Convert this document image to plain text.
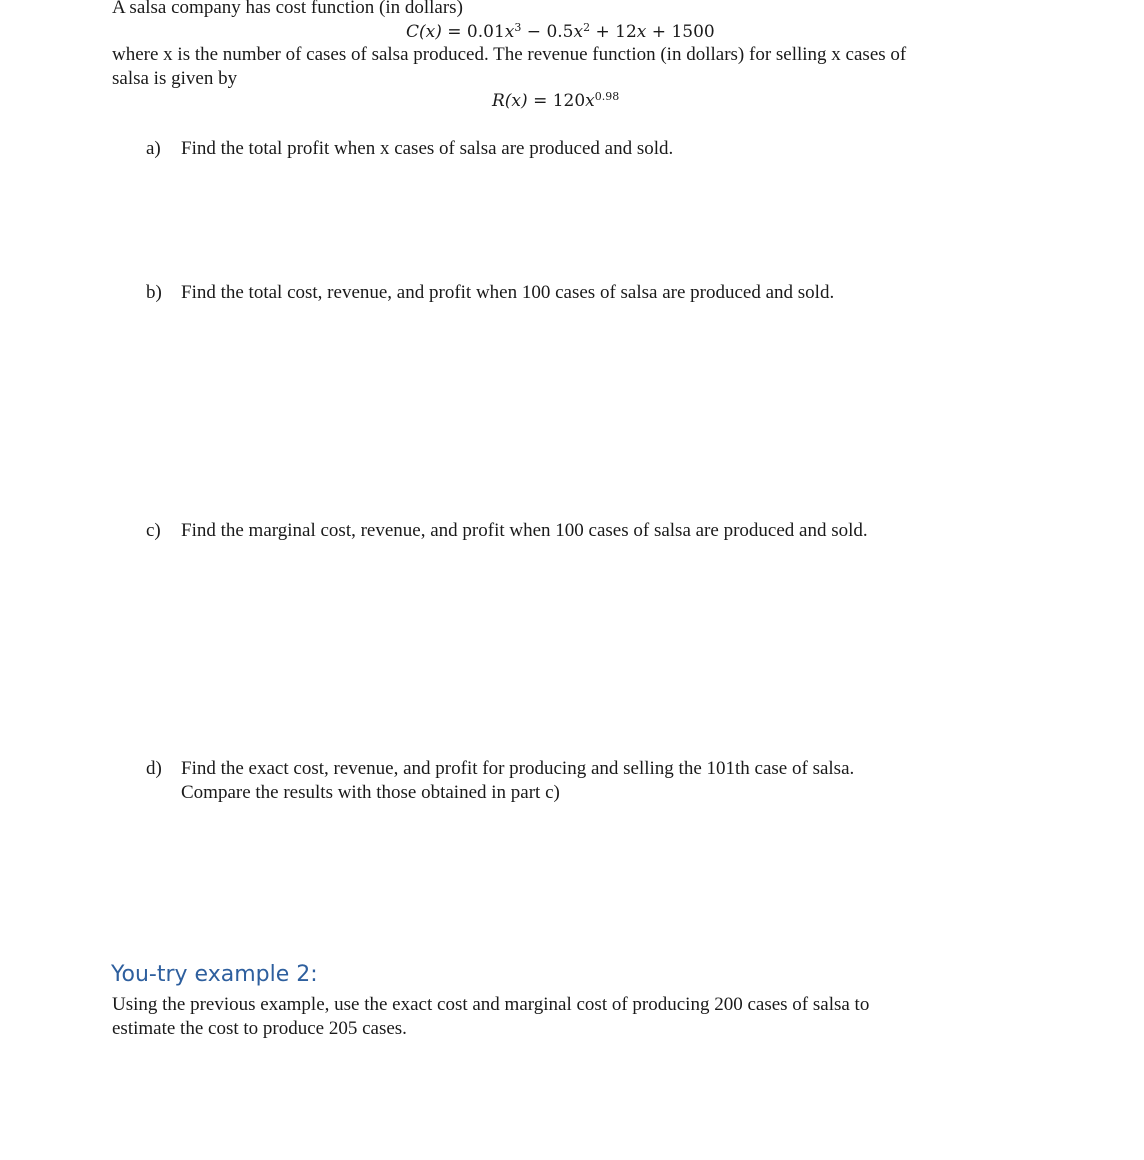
A salsa company has cost function (in dollars)
$C(x) = 0.01x^3 - 0.5x^2 + 12x + 1500$
where x is the number of cases of salsa produced. The revenue function (in dollars) for selling x cases of
salsa is given by
$R(x) = 120x^{0.98}$
a) Find the total profit when x cases of salsa are produced and sold.
b) Find the total cost, revenue, and profit when 100 cases of salsa are produced and sold.
c) Find the marginal cost, revenue, and profit when 100 cases of salsa are produced and sold.
d) Find the exact cost, revenue, and profit for producing and selling the 101th case of salsa.
Compare the results with those obtained in part c)
You-try example 2:
Using the previous example, use the exact cost and marginal cost of producing 200 cases of salsa to
estimate the cost to produce 205 cases.
